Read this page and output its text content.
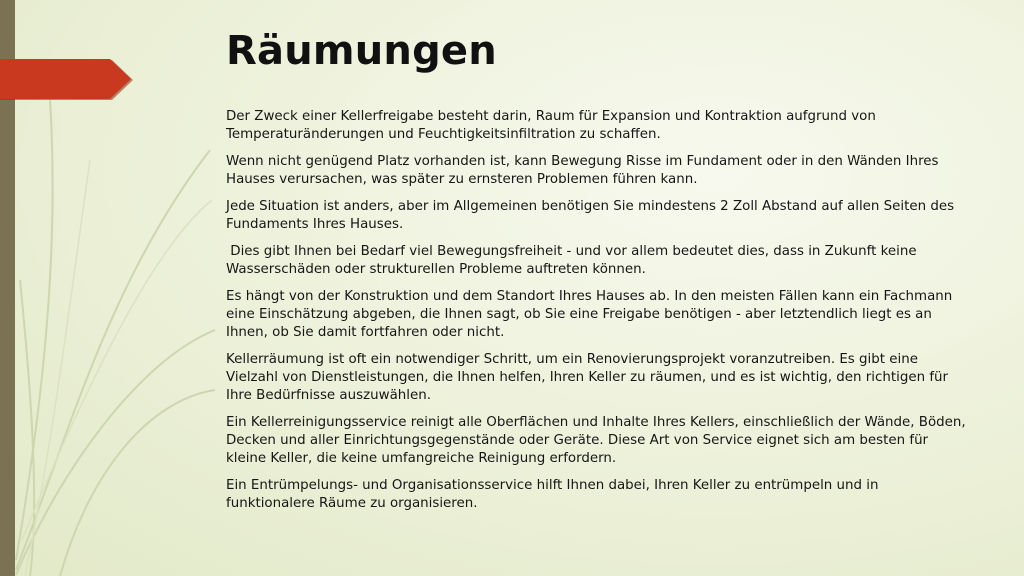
Räumungen

Der Zweck einer Kellerfreigabe besteht darin, Raum für Expansion und Kontraktion aufgrund von Temperaturänderungen und Feuchtigkeitsinfiltration zu schaffen.

Wenn nicht genügend Platz vorhanden ist, kann Bewegung Risse im Fundament oder in den Wänden Ihres Hauses verursachen, was später zu ernsteren Problemen führen kann.

Jede Situation ist anders, aber im Allgemeinen benötigen Sie mindestens 2 Zoll Abstand auf allen Seiten des Fundaments Ihres Hauses.

Dies gibt Ihnen bei Bedarf viel Bewegungsfreiheit - und vor allem bedeutet dies, dass in Zukunft keine Wasserschäden oder strukturellen Probleme auftreten können.

Es hängt von der Konstruktion und dem Standort Ihres Hauses ab. In den meisten Fällen kann ein Fachmann eine Einschätzung abgeben, die Ihnen sagt, ob Sie eine Freigabe benötigen - aber letztendlich liegt es an Ihnen, ob Sie damit fortfahren oder nicht.

Kellerräumung ist oft ein notwendiger Schritt, um ein Renovierungsprojekt voranzutreiben. Es gibt eine Vielzahl von Dienstleistungen, die Ihnen helfen, Ihren Keller zu räumen, und es ist wichtig, den richtigen für Ihre Bedürfnisse auszuwählen.

Ein Kellerreinigungsservice reinigt alle Oberflächen und Inhalte Ihres Kellers, einschließlich der Wände, Böden, Decken und aller Einrichtungsgegenstände oder Geräte. Diese Art von Service eignet sich am besten für kleine Keller, die keine umfangreiche Reinigung erfordern.

Ein Entrümpelungs- und Organisationsservice hilft Ihnen dabei, Ihren Keller zu entrümpeln und in funktionalere Räume zu organisieren.
